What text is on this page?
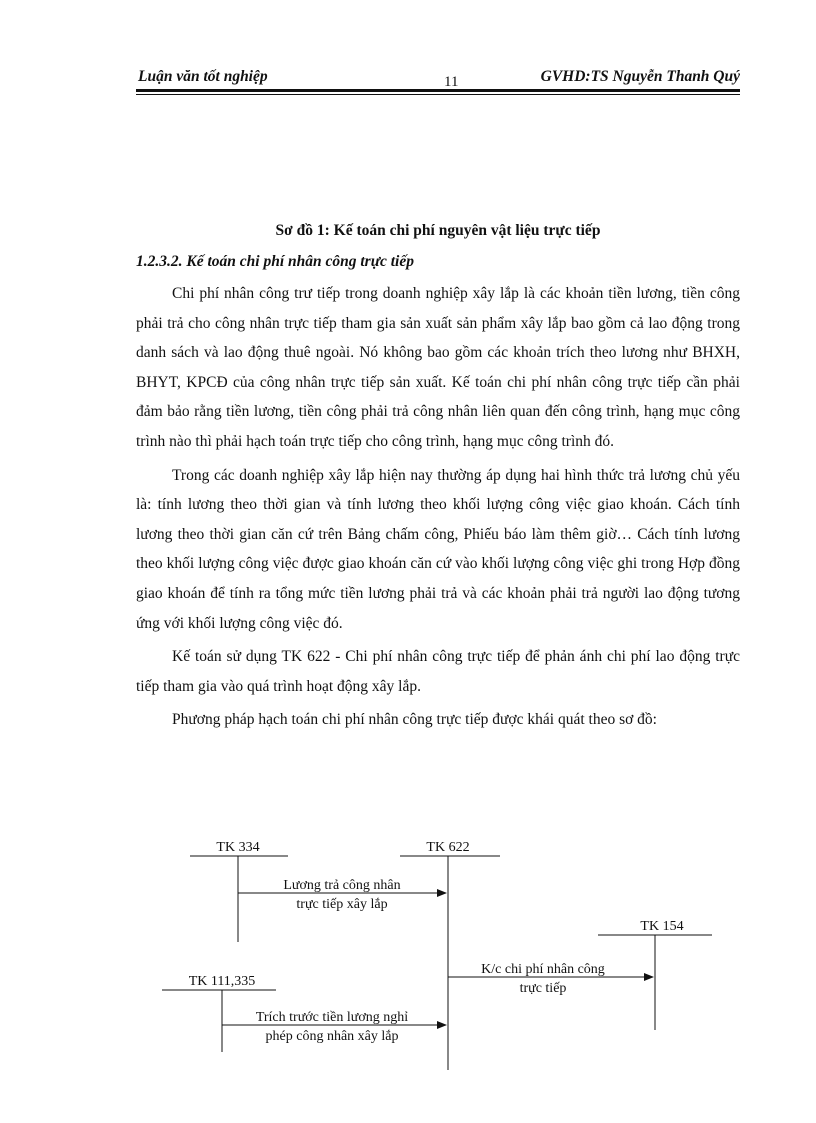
Luận văn tốt nghiệp	11	GVHD:TS Nguyễn Thanh Quý
Sơ đồ 1: Kế toán chi phí nguyên vật liệu trực tiếp
1.2.3.2. Kế toán chi phí nhân công trực tiếp

Chi phí nhân công trư tiếp trong doanh nghiệp xây lắp là các khoản tiền lương, tiền công phải trả cho công nhân trực tiếp tham gia sản xuất sản phẩm xây lắp bao gồm cả lao động trong danh sách và lao động thuê ngoài. Nó không bao gồm các khoản trích theo lương như BHXH, BHYT, KPCĐ của công nhân trực tiếp sản xuất. Kế toán chi phí nhân công trực tiếp cần phải đảm bảo rằng tiền lương, tiền công phải trả công nhân liên quan đến công trình, hạng mục công trình nào thì phải hạch toán trực tiếp cho công trình, hạng mục công trình đó.

Trong các doanh nghiệp xây lắp hiện nay thường áp dụng hai hình thức trả lương chủ yếu là: tính lương theo thời gian và tính lương theo khối lượng công việc giao khoán. Cách tính lương theo thời gian căn cứ trên Bảng chấm công, Phiếu báo làm thêm giờ… Cách tính lương theo khối lượng công việc được giao khoán căn cứ vào khối lượng công việc ghi trong Hợp đồng giao khoán để tính ra tổng mức tiền lương phải trả và các khoản phải trả người lao động tương ứng với khối lượng công việc đó.

Kế toán sử dụng TK 622 - Chi phí nhân công trực tiếp để phản ánh chi phí lao động trực tiếp tham gia vào quá trình hoạt động xây lắp.

Phương pháp hạch toán chi phí nhân công trực tiếp được khái quát theo sơ đồ:

TK 334	TK 622
TK 154
TK 111,335
Lương trả công nhân
trực tiếp xây lắp
K/c chi phí nhân công
trực tiếp
Trích trước tiền lương nghỉ
phép công nhân xây lắp
